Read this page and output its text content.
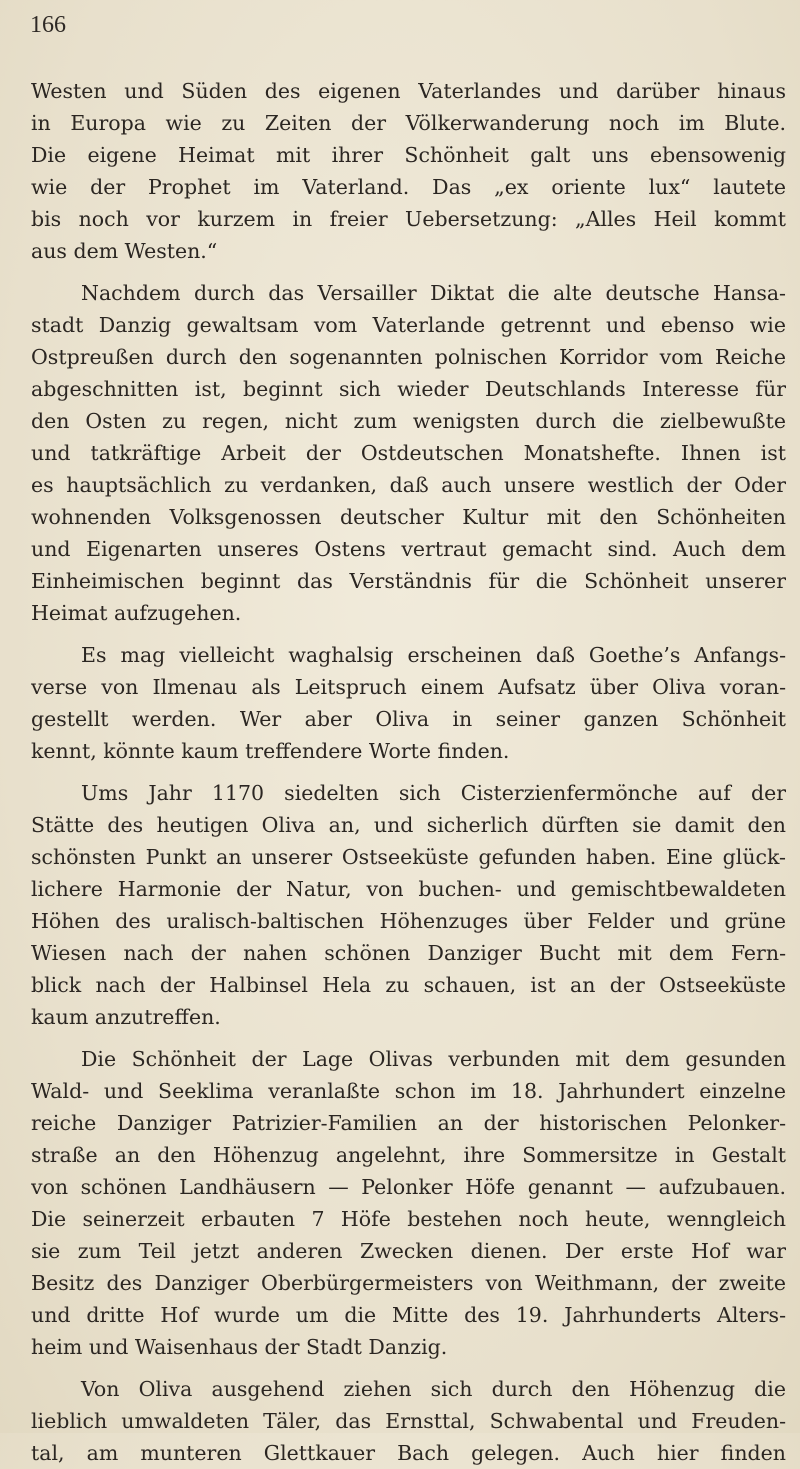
166

Westen und Süden des eigenen Vaterlandes und darüber hinaus
in Europa wie zu Zeiten der Völkerwanderung noch im Blute.
Die eigene Heimat mit ihrer Schönheit galt uns ebensowenig
wie der Prophet im Vaterland. Das „ex oriente lux“ lautete
bis noch vor kurzem in freier Uebersetzung: „Alles Heil kommt
aus dem Westen.“

Nachdem durch das Versailler Diktat die alte deutsche Hansa-
stadt Danzig gewaltsam vom Vaterlande getrennt und ebenso wie
Ostpreußen durch den sogenannten polnischen Korridor vom Reiche
abgeschnitten ist, beginnt sich wieder Deutschlands Interesse für
den Osten zu regen, nicht zum wenigsten durch die zielbewußte
und tatkräftige Arbeit der Ostdeutschen Monatshefte. Ihnen ist
es hauptsächlich zu verdanken, daß auch unsere westlich der Oder
wohnenden Volksgenossen deutscher Kultur mit den Schönheiten
und Eigenarten unseres Ostens vertraut gemacht sind. Auch dem
Einheimischen beginnt das Verständnis für die Schönheit unserer
Heimat aufzugehen.

Es mag vielleicht waghalsig erscheinen daß Goethe’s Anfangs-
verse von Ilmenau als Leitspruch einem Aufsatz über Oliva voran-
gestellt werden. Wer aber Oliva in seiner ganzen Schönheit
kennt, könnte kaum treffendere Worte finden.

Ums Jahr 1170 siedelten sich Cisterzienfermönche auf der
Stätte des heutigen Oliva an, und sicherlich dürften sie damit den
schönsten Punkt an unserer Ostseeküste gefunden haben. Eine glück-
lichere Harmonie der Natur, von buchen- und gemischtbewaldeten
Höhen des uralisch-baltischen Höhenzuges über Felder und grüne
Wiesen nach der nahen schönen Danziger Bucht mit dem Fern-
blick nach der Halbinsel Hela zu schauen, ist an der Ostseeküste
kaum anzutreffen.

Die Schönheit der Lage Olivas verbunden mit dem gesunden
Wald- und Seeklima veranlaßte schon im 18. Jahrhundert einzelne
reiche Danziger Patrizier-Familien an der historischen Pelonker-
straße an den Höhenzug angelehnt, ihre Sommersitze in Gestalt
von schönen Landhäusern — Pelonker Höfe genannt — aufzubauen.
Die seinerzeit erbauten 7 Höfe bestehen noch heute, wenngleich
sie zum Teil jetzt anderen Zwecken dienen. Der erste Hof war
Besitz des Danziger Oberbürgermeisters von Weithmann, der zweite
und dritte Hof wurde um die Mitte des 19. Jahrhunderts Alters-
heim und Waisenhaus der Stadt Danzig.

Von Oliva ausgehend ziehen sich durch den Höhenzug die
lieblich umwaldeten Täler, das Ernsttal, Schwabental und Freuden-
tal, am munteren Glettkauer Bach gelegen. Auch hier finden
